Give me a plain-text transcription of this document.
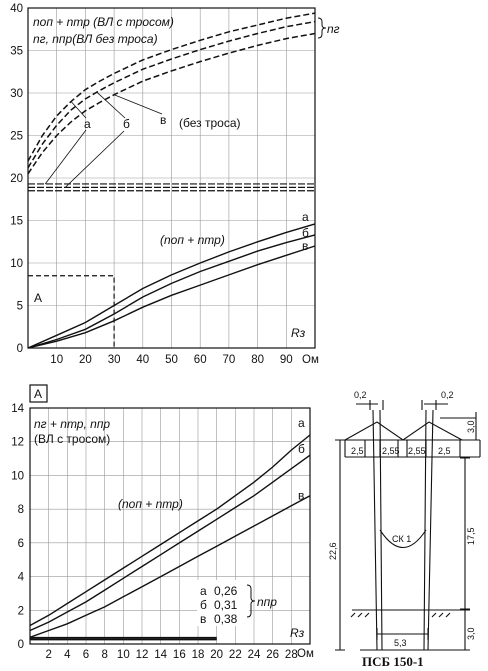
0
5
10
15
20
25
30
35
40
10 20 30 40 50 60 70 80 90
nоп + nтр (ВЛ с тросом)
nг, nпр(ВЛ без троса)
nг
(без троса)
(nоп + nтр)
A
Rз
Ом
а
б
в
а	б	в
A
0
2
4
6
8
10
12
14
2 4 6 8 10 12 14 16 18 20 22 24 26 28
а
б
в
nг + nтр, nпр
(ВЛ с тросом)
(nоп + nтр)
а 0,26
б 0,31
в 0,38
nпр
Rз
Ом
0,2	0,2
3,0
2,5 2,55 2,55 2,5
22,6
17,5
3,0
5,3
СК 1
ПСБ 150-1
